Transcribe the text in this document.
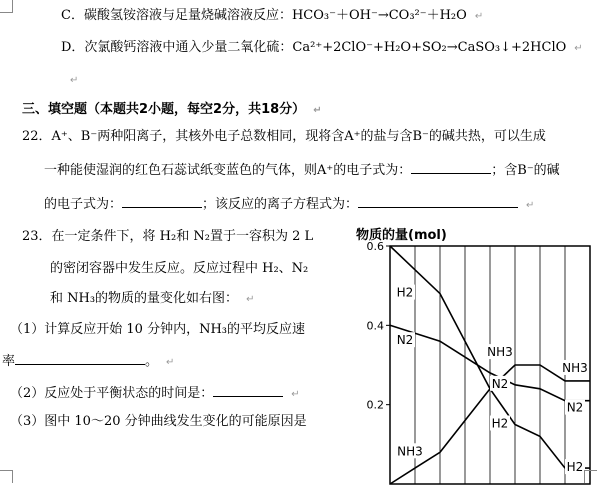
C．碳酸氢铵溶液与足量烧碱溶液反应：HCO₃⁻＋OH⁻→CO₃²⁻＋H₂O ↵
D．次氯酸钙溶液中通入少量二氧化硫：Ca²⁺+2ClO⁻+H₂O+SO₂→CaSO₃↓+2HClO ↵
↵
三、填空题（本题共2小题，每空2分，共18分） ↵
22．A⁺、B⁻两种阳离子，其核外电子总数相同，现将含A⁺的盐与含B⁻的碱共热，可以生成
一种能使湿润的红色石蕊试纸变蓝色的气体，则A⁺的电子式为：	；含B⁻的碱
的电子式为：	；该反应的离子方程式为：	↵
23．在一定条件下，将 H₂和 N₂置于一容积为 2 L
的密闭容器中发生反应。反应过程中 H₂、N₂
和 NH₃的物质的量变化如右图： ↵
（1）计算反应开始 10 分钟内，NH₃的平均反应速
率	。 ↵
（2）反应处于平衡状态的时间是：	↵
（3）图中 10～20 分钟曲线发生变化的可能原因是
物质的量(mol)
0.6
0.4
0.2
H2
N2
NH3
NH3
N2
H2
NH3
N2
H2
